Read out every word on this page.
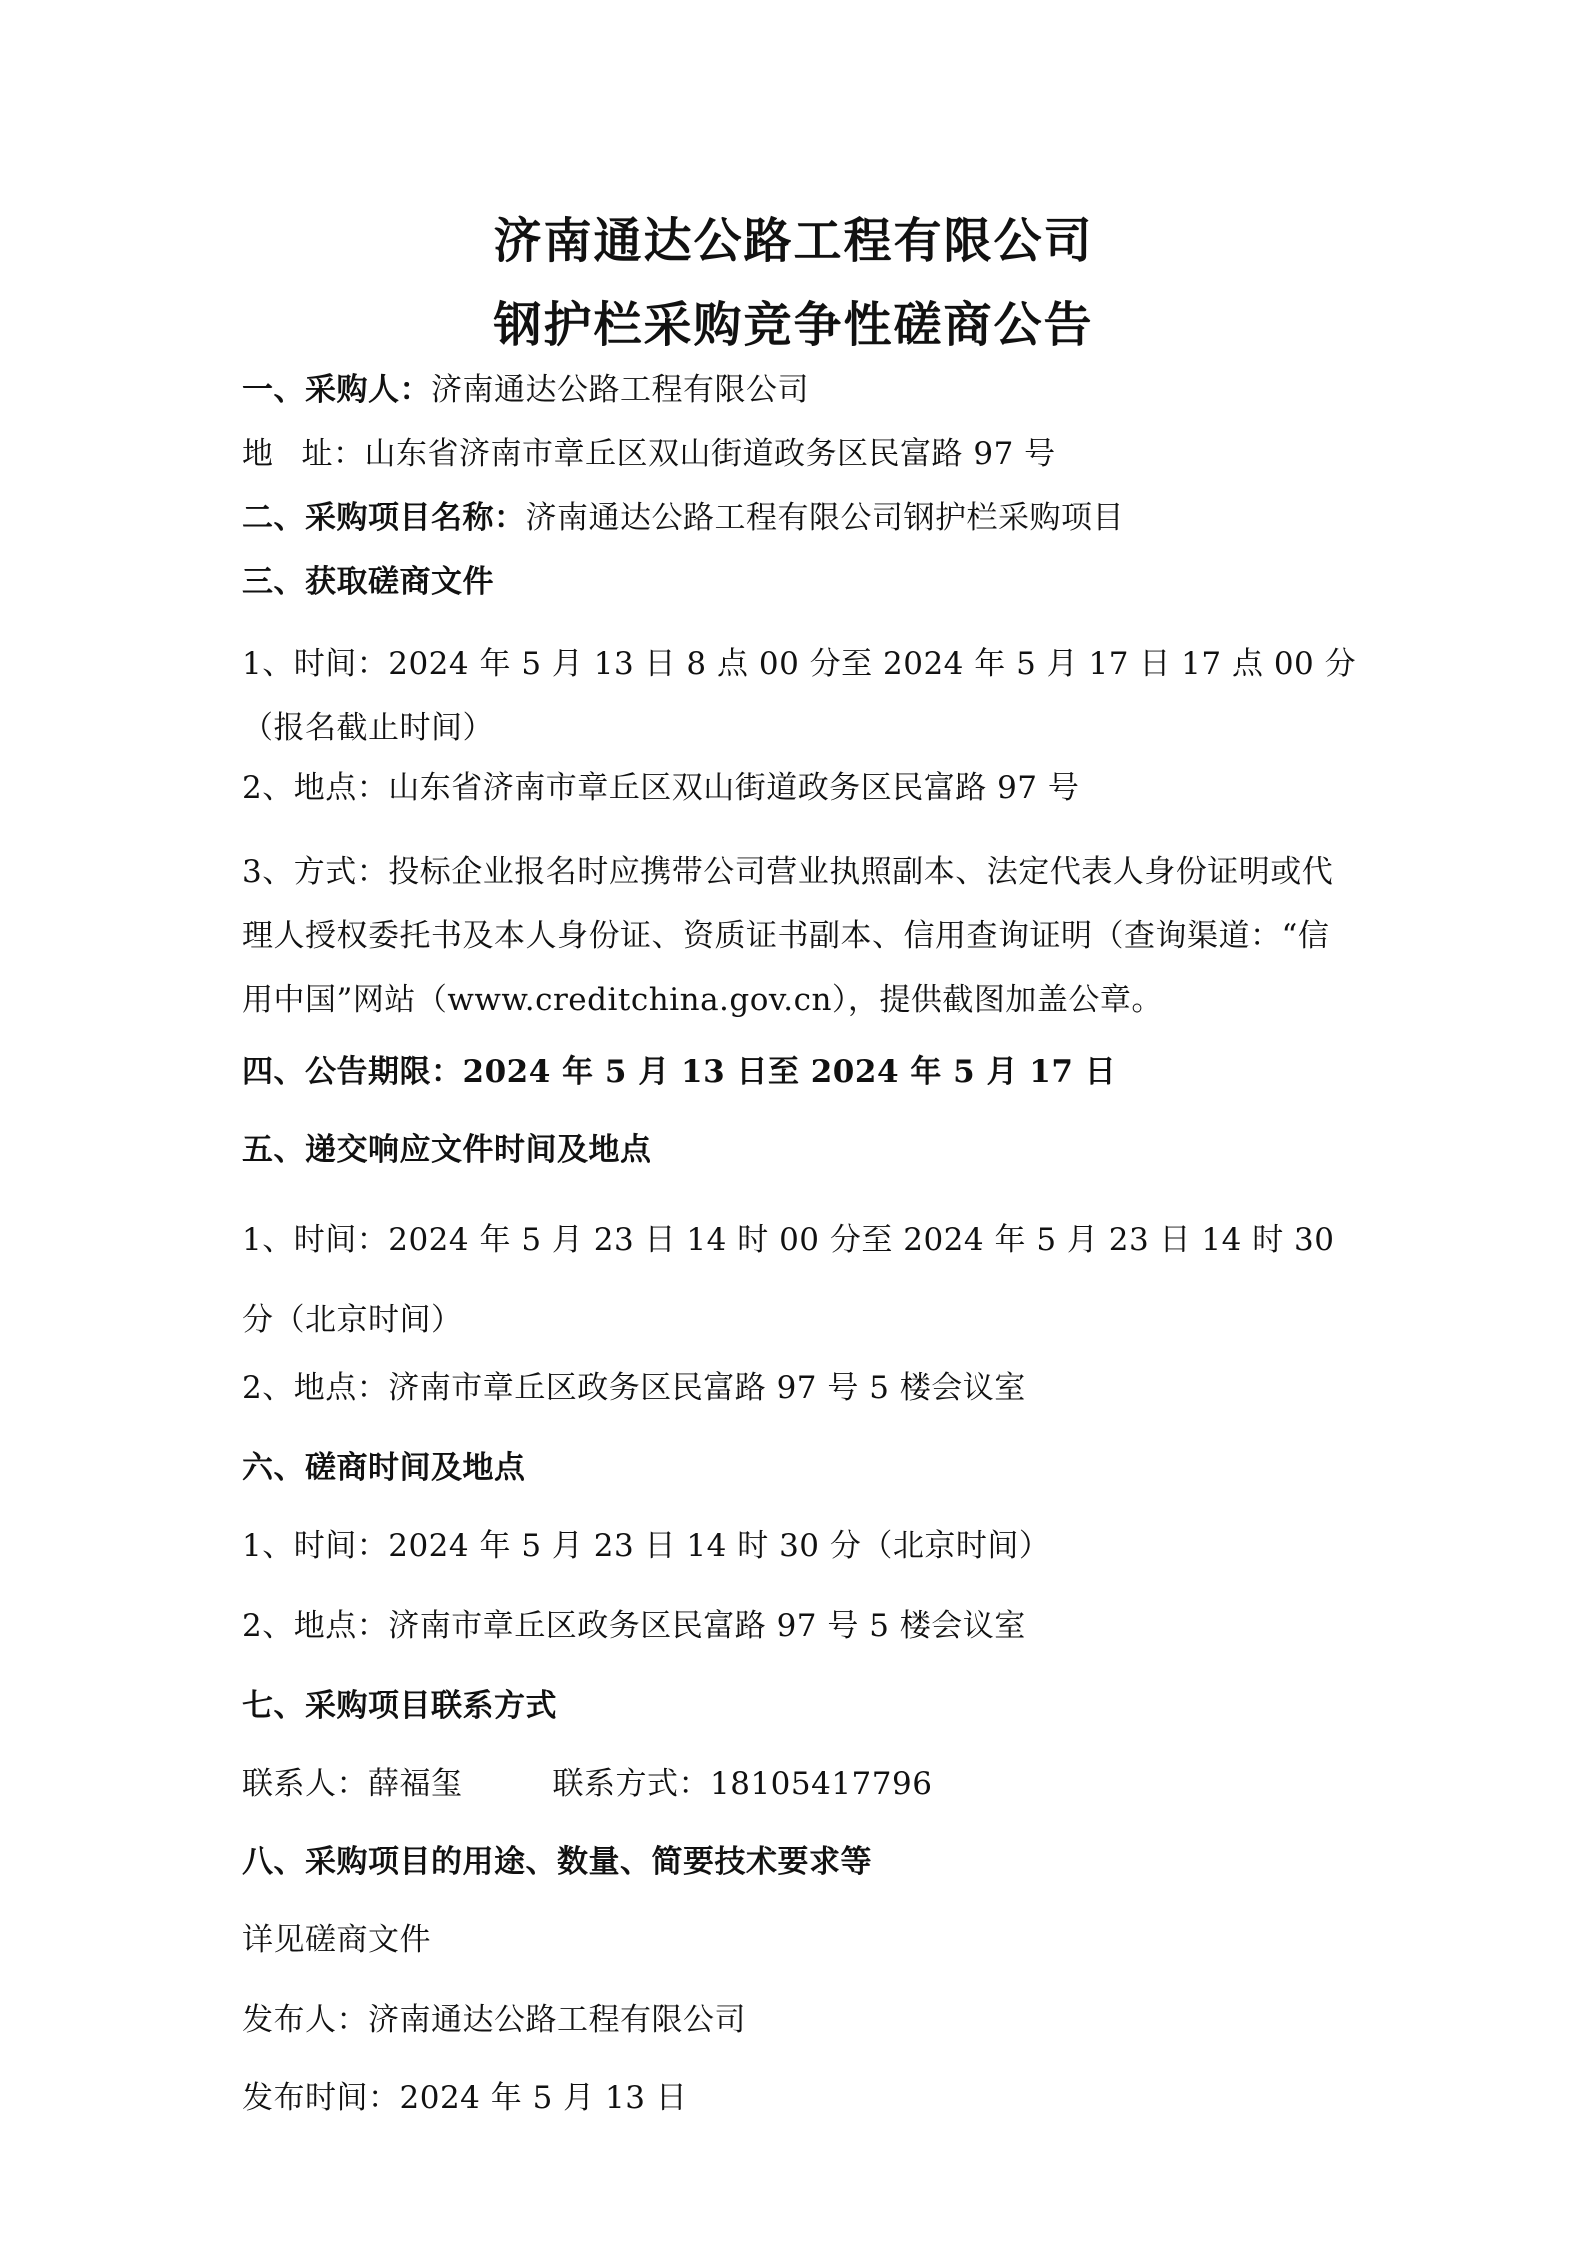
济南通达公路工程有限公司
钢护栏采购竞争性磋商公告
一、采购人：济南通达公路工程有限公司
地 址：山东省济南市章丘区双山街道政务区民富路 97 号
二、采购项目名称：济南通达公路工程有限公司钢护栏采购项目
三、获取磋商文件
1、时间：2024 年 5 月 13 日 8 点 00 分至 2024 年 5 月 17 日 17 点 00 分（报名截止时间）
2、地点：山东省济南市章丘区双山街道政务区民富路 97 号
3、方式：投标企业报名时应携带公司营业执照副本、法定代表人身份证明或代理人授权委托书及本人身份证、资质证书副本、信用查询证明（查询渠道：“信用中国”网站（www.creditchina.gov.cn），提供截图加盖公章。
四、公告期限：2024 年 5 月 13 日至 2024 年 5 月 17 日
五、递交响应文件时间及地点
1、时间：2024 年 5 月 23 日 14 时 00 分至 2024 年 5 月 23 日 14 时 30 分（北京时间）
2、地点：济南市章丘区政务区民富路 97 号 5 楼会议室
六、磋商时间及地点
1、时间：2024 年 5 月 23 日 14 时 30 分（北京时间）
2、地点：济南市章丘区政务区民富路 97 号 5 楼会议室
七、采购项目联系方式
联系人：薛福玺	联系方式：18105417796
八、采购项目的用途、数量、简要技术要求等
详见磋商文件
发布人：济南通达公路工程有限公司
发布时间：2024 年 5 月 13 日
